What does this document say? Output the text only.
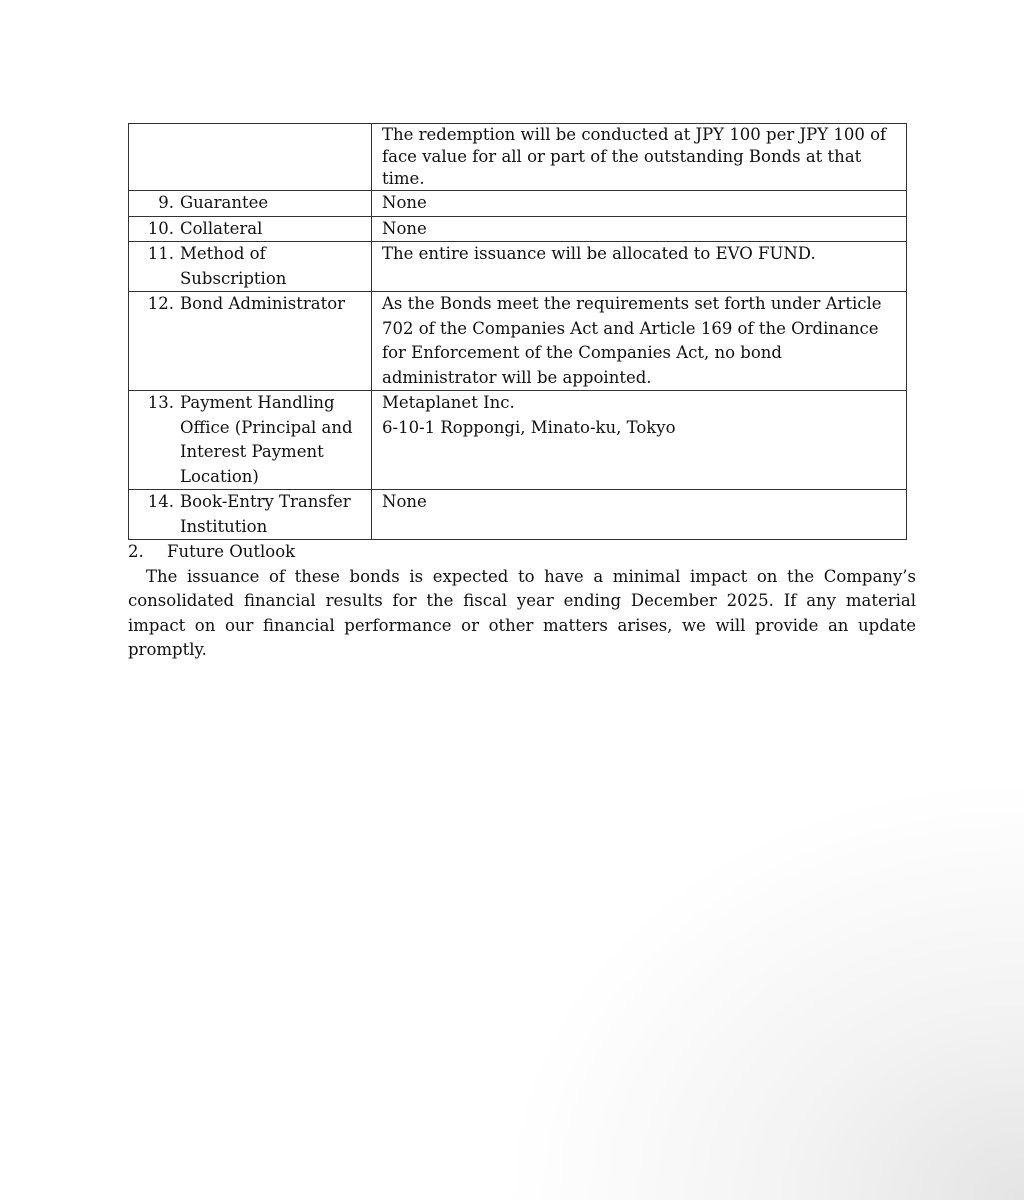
	The redemption will be conducted at JPY 100 per JPY 100 of
face value for all or part of the outstanding Bonds at that
time.

9. Guarantee	None

10. Collateral	None

11. Method of Subscription	The entire issuance will be allocated to EVO FUND.

12. Bond Administrator	As the Bonds meet the requirements set forth under Article
702 of the Companies Act and Article 169 of the Ordinance
for Enforcement of the Companies Act, no bond
administrator will be appointed.

13. Payment Handling
Office (Principal and
Interest Payment
Location)	Metaplanet Inc.
6-10-1 Roppongi, Minato-ku, Tokyo

14. Book-Entry Transfer
Institution	None
2.	Future Outlook

The issuance of these bonds is expected to have a minimal impact on the Company’s consolidated financial results for the fiscal year ending December 2025. If any material impact on our financial performance or other matters arises, we will provide an update promptly.
